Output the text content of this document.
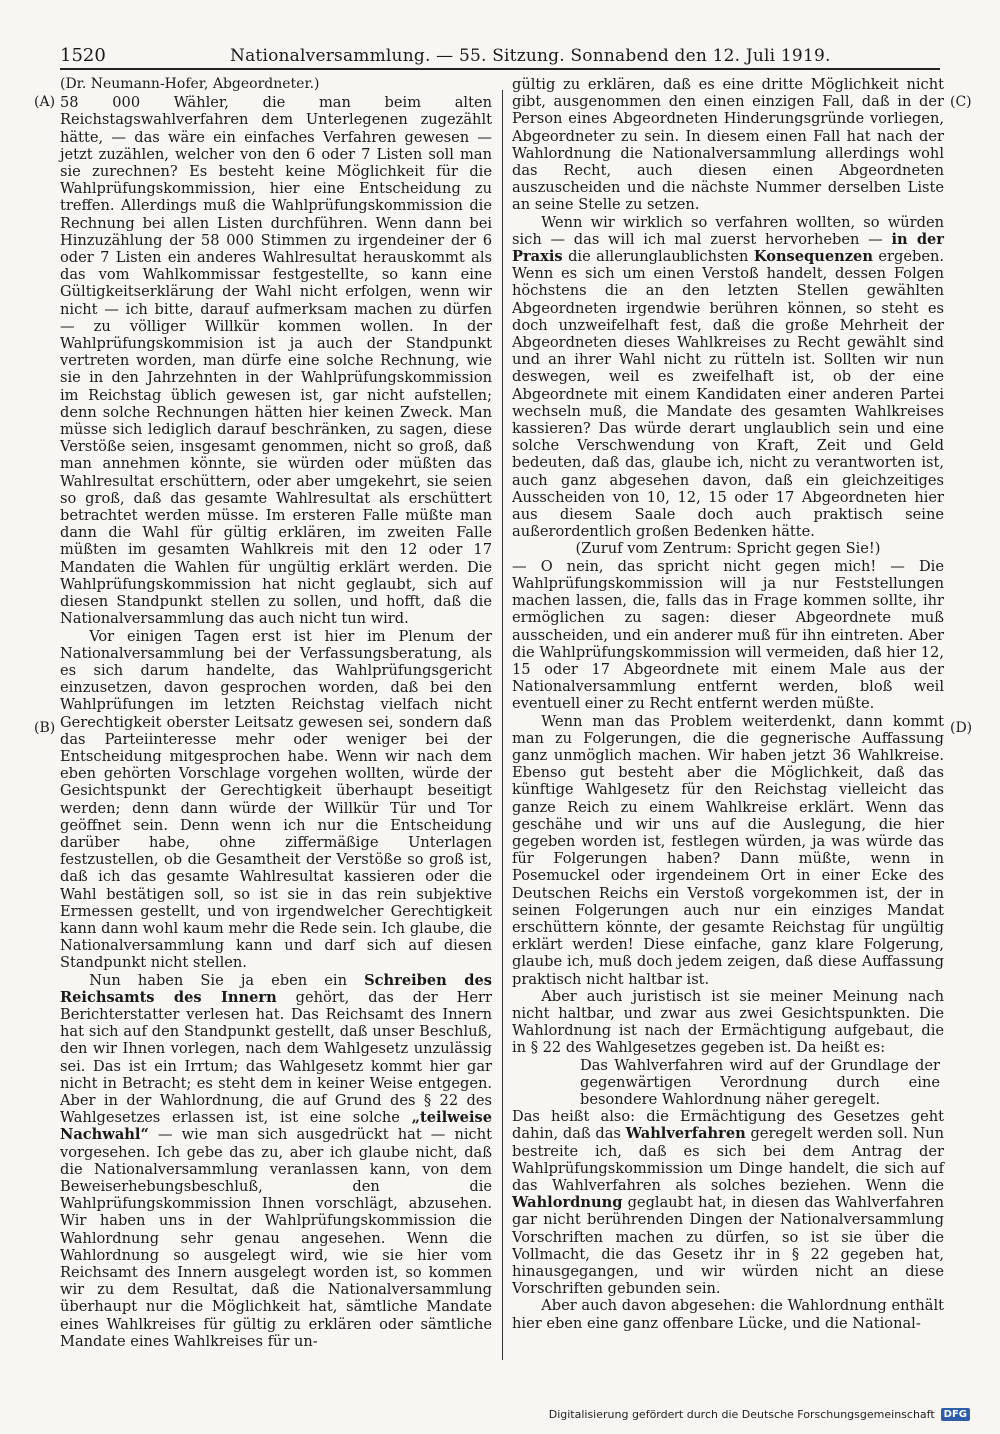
1520	Nationalversammlung. — 55. Sitzung. Sonnabend den 12. Juli 1919.
(A)
(B)
(C)
(D)

(Dr. Neumann-Hofer, Abgeordneter.)

58 000 Wähler, die man beim alten Reichstagswahlverfahren dem Unterlegenen zugezählt hätte, — das wäre ein einfaches Verfahren gewesen — jetzt zuzählen, welcher von den 6 oder 7 Listen soll man sie zurechnen? Es besteht keine Möglichkeit für die Wahlprüfungskommission, hier eine Entscheidung zu treffen. Allerdings muß die Wahlprüfungskommission die Rechnung bei allen Listen durchführen. Wenn dann bei Hinzuzählung der 58 000 Stimmen zu irgendeiner der 6 oder 7 Listen ein anderes Wahlresultat herauskommt als das vom Wahlkommissar festgestellte, so kann eine Gültigkeitserklärung der Wahl nicht erfolgen, wenn wir nicht — ich bitte, darauf aufmerksam machen zu dürfen — zu völliger Willkür kommen wollen. In der Wahlprüfungskommision ist ja auch der Standpunkt vertreten worden, man dürfe eine solche Rechnung, wie sie in den Jahrzehnten in der Wahlprüfungskommission im Reichstag üblich gewesen ist, gar nicht aufstellen; denn solche Rechnungen hätten hier keinen Zweck. Man müsse sich lediglich darauf beschränken, zu sagen, diese Verstöße seien, insgesamt genommen, nicht so groß, daß man annehmen könnte, sie würden oder müßten das Wahlresultat erschüttern, oder aber umgekehrt, sie seien so groß, daß das gesamte Wahlresultat als erschüttert betrachtet werden müsse. Im ersteren Falle müßte man dann die Wahl für gültig erklären, im zweiten Falle müßten im gesamten Wahlkreis mit den 12 oder 17 Mandaten die Wahlen für ungültig erklärt werden. Die Wahlprüfungskommission hat nicht geglaubt, sich auf diesen Standpunkt stellen zu sollen, und hofft, daß die Nationalversammlung das auch nicht tun wird.

Vor einigen Tagen erst ist hier im Plenum der Nationalversammlung bei der Verfassungsberatung, als es sich darum handelte, das Wahlprüfungsgericht einzusetzen, davon gesprochen worden, daß bei den Wahlprüfungen im letzten Reichstag vielfach nicht Gerechtigkeit oberster Leitsatz gewesen sei, sondern daß das Parteiinteresse mehr oder weniger bei der Entscheidung mitgesprochen habe. Wenn wir nach dem eben gehörten Vorschlage vorgehen wollten, würde der Gesichtspunkt der Gerechtigkeit überhaupt beseitigt werden; denn dann würde der Willkür Tür und Tor geöffnet sein. Denn wenn ich nur die Entscheidung darüber habe, ohne ziffermäßige Unterlagen festzustellen, ob die Gesamtheit der Verstöße so groß ist, daß ich das gesamte Wahlresultat kassieren oder die Wahl bestätigen soll, so ist sie in das rein subjektive Ermessen gestellt, und von irgendwelcher Gerechtigkeit kann dann wohl kaum mehr die Rede sein. Ich glaube, die Nationalversammlung kann und darf sich auf diesen Standpunkt nicht stellen.

Nun haben Sie ja eben ein Schreiben des Reichsamts des Innern gehört, das der Herr Berichterstatter verlesen hat. Das Reichsamt des Innern hat sich auf den Standpunkt gestellt, daß unser Beschluß, den wir Ihnen vorlegen, nach dem Wahlgesetz unzulässig sei. Das ist ein Irrtum; das Wahlgesetz kommt hier gar nicht in Betracht; es steht dem in keiner Weise entgegen. Aber in der Wahlordnung, die auf Grund des § 22 des Wahlgesetzes erlassen ist, ist eine solche „teilweise Nachwahl“ — wie man sich ausgedrückt hat — nicht vorgesehen. Ich gebe das zu, aber ich glaube nicht, daß die Nationalversammlung veranlassen kann, von dem Beweiserhebungsbeschluß, den die Wahlprüfungskommission Ihnen vorschlägt, abzusehen. Wir haben uns in der Wahlprüfungskommission die Wahlordnung sehr genau angesehen. Wenn die Wahlordnung so ausgelegt wird, wie sie hier vom Reichsamt des Innern ausgelegt worden ist, so kommen wir zu dem Resultat, daß die Nationalversammlung überhaupt nur die Möglichkeit hat, sämtliche Mandate eines Wahlkreises für gültig zu erklären oder sämtliche Mandate eines Wahlkreises für un-

gültig zu erklären, daß es eine dritte Möglichkeit nicht gibt, ausgenommen den einen einzigen Fall, daß in der Person eines Abgeordneten Hinderungsgründe vorliegen, Abgeordneter zu sein. In diesem einen Fall hat nach der Wahlordnung die Nationalversammlung allerdings wohl das Recht, auch diesen einen Abgeordneten auszuscheiden und die nächste Nummer derselben Liste an seine Stelle zu setzen.

Wenn wir wirklich so verfahren wollten, so würden sich — das will ich mal zuerst hervorheben — in der Praxis die allerunglaublichsten Konsequenzen ergeben. Wenn es sich um einen Verstoß handelt, dessen Folgen höchstens die an den letzten Stellen gewählten Abgeordneten irgendwie berühren können, so steht es doch unzweifelhaft fest, daß die große Mehrheit der Abgeordneten dieses Wahlkreises zu Recht gewählt sind und an ihrer Wahl nicht zu rütteln ist. Sollten wir nun deswegen, weil es zweifelhaft ist, ob der eine Abgeordnete mit einem Kandidaten einer anderen Partei wechseln muß, die Mandate des gesamten Wahlkreises kassieren? Das würde derart unglaublich sein und eine solche Verschwendung von Kraft, Zeit und Geld bedeuten, daß das, glaube ich, nicht zu verantworten ist, auch ganz abgesehen davon, daß ein gleichzeitiges Ausscheiden von 10, 12, 15 oder 17 Abgeordneten hier aus diesem Saale doch auch praktisch seine außerordentlich großen Bedenken hätte.

(Zuruf vom Zentrum: Spricht gegen Sie!)

— O nein, das spricht nicht gegen mich! — Die Wahlprüfungskommission will ja nur Feststellungen machen lassen, die, falls das in Frage kommen sollte, ihr ermöglichen zu sagen: dieser Abgeordnete muß ausscheiden, und ein anderer muß für ihn eintreten. Aber die Wahlprüfungskommission will vermeiden, daß hier 12, 15 oder 17 Abgeordnete mit einem Male aus der Nationalversammlung entfernt werden, bloß weil eventuell einer zu Recht entfernt werden müßte.

Wenn man das Problem weiterdenkt, dann kommt man zu Folgerungen, die die gegnerische Auffassung ganz unmöglich machen. Wir haben jetzt 36 Wahlkreise. Ebenso gut besteht aber die Möglichkeit, daß das künftige Wahlgesetz für den Reichstag vielleicht das ganze Reich zu einem Wahlkreise erklärt. Wenn das geschähe und wir uns auf die Auslegung, die hier gegeben worden ist, festlegen würden, ja was würde das für Folgerungen haben? Dann müßte, wenn in Posemuckel oder irgendeinem Ort in einer Ecke des Deutschen Reichs ein Verstoß vorgekommen ist, der in seinen Folgerungen auch nur ein einziges Mandat erschüttern könnte, der gesamte Reichstag für ungültig erklärt werden! Diese einfache, ganz klare Folgerung, glaube ich, muß doch jedem zeigen, daß diese Auffassung praktisch nicht haltbar ist.

Aber auch juristisch ist sie meiner Meinung nach nicht haltbar, und zwar aus zwei Gesichtspunkten. Die Wahlordnung ist nach der Ermächtigung aufgebaut, die in § 22 des Wahlgesetzes gegeben ist. Da heißt es:

Das Wahlverfahren wird auf der Grundlage der gegenwärtigen Verordnung durch eine besondere Wahlordnung näher geregelt.

Das heißt also: die Ermächtigung des Gesetzes geht dahin, daß das Wahlverfahren geregelt werden soll. Nun bestreite ich, daß es sich bei dem Antrag der Wahlprüfungskommission um Dinge handelt, die sich auf das Wahlverfahren als solches beziehen. Wenn die Wahlordnung geglaubt hat, in diesen das Wahlverfahren gar nicht berührenden Dingen der Nationalversammlung Vorschriften machen zu dürfen, so ist sie über die Vollmacht, die das Gesetz ihr in § 22 gegeben hat, hinausgegangen, und wir würden nicht an diese Vorschriften gebunden sein.

Aber auch davon abgesehen: die Wahlordnung enthält hier eben eine ganz offenbare Lücke, und die National-

Digitalisierung gefördert durch die Deutsche Forschungsgemeinschaft DFG
